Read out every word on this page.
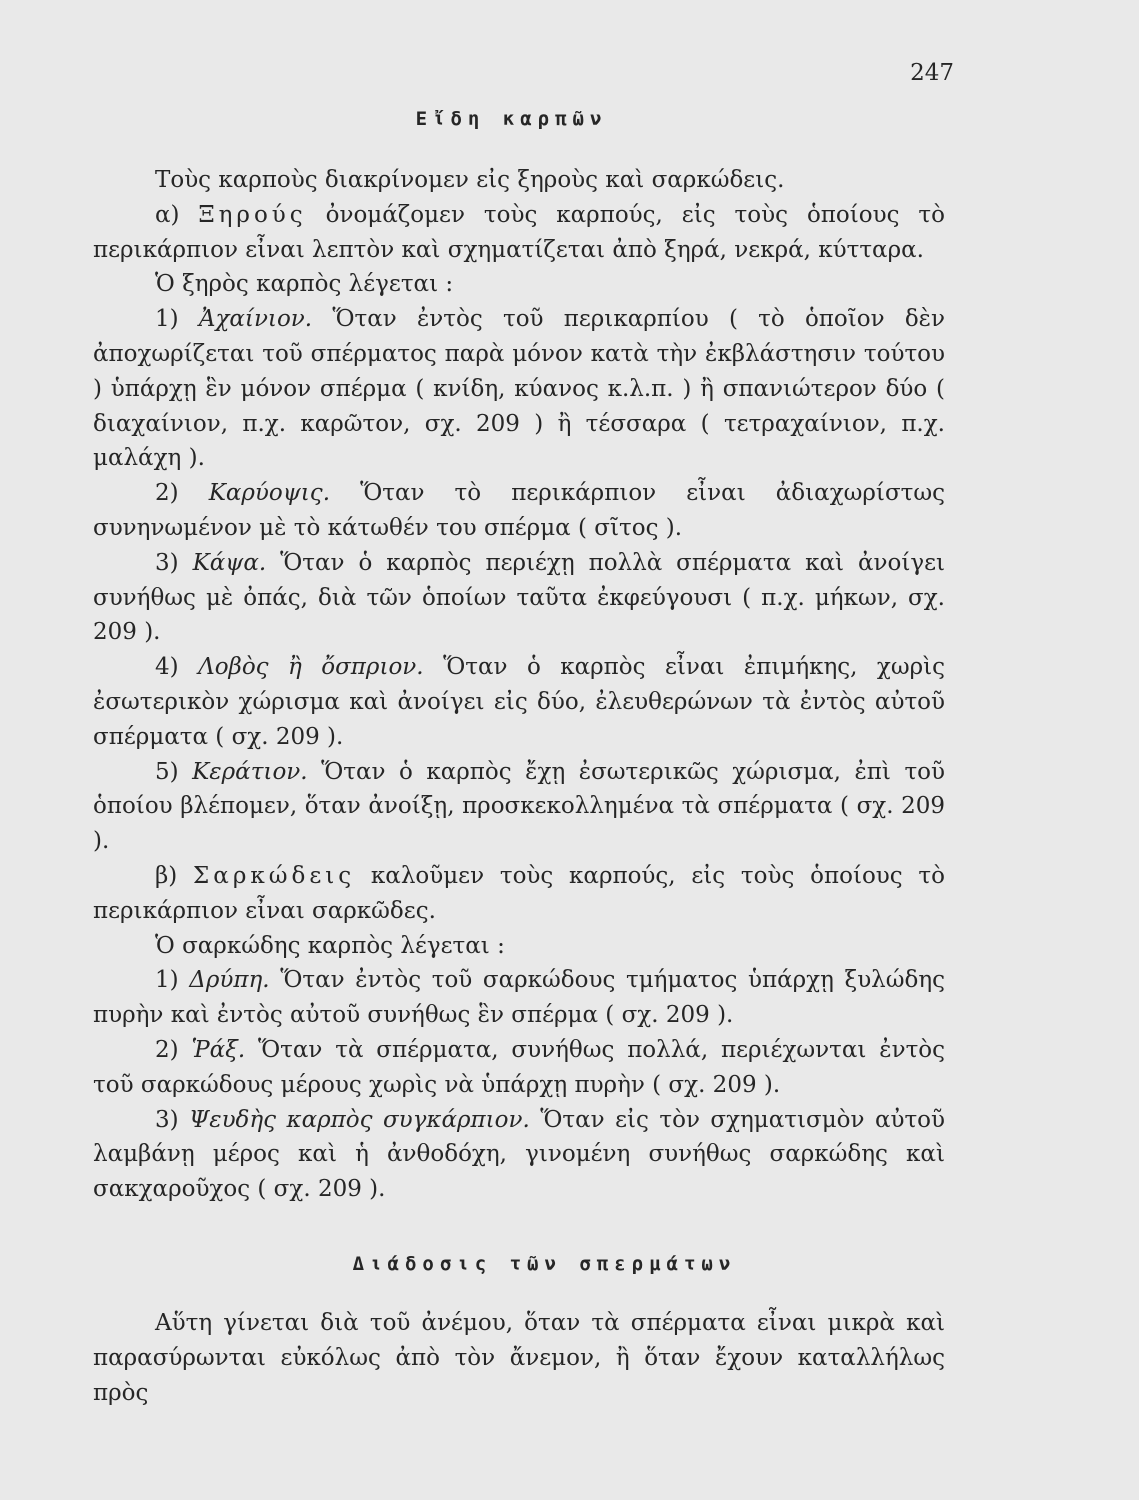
247
Εἴδη καρπῶν

Τοὺς καρποὺς διακρίνομεν εἰς ξηροὺς καὶ σαρκώδεις.

α) Ξηρούς ὀνομάζομεν τοὺς καρπούς, εἰς τοὺς ὁποίους τὸ περικάρπιον εἶναι λεπτὸν καὶ σχηματίζεται ἀπὸ ξηρά, νεκρά, κύτταρα.

Ὁ ξηρὸς καρπὸς λέγεται :

1) Ἀχαίνιον. Ὅταν ἐντὸς τοῦ περικαρπίου ( τὸ ὁποῖον δὲν ἀποχωρίζεται τοῦ σπέρματος παρὰ μόνον κατὰ τὴν ἐκβλάστησιν τούτου ) ὑπάρχῃ ἓν μόνον σπέρμα ( κνίδη, κύανος κ.λ.π. ) ἢ σπανιώτερον δύο ( διαχαίνιον, π.χ. καρῶτον, σχ. 209 ) ἢ τέσσαρα ( τετραχαίνιον, π.χ. μαλάχη ).

2) Καρύοψις. Ὅταν τὸ περικάρπιον εἶναι ἀδιαχωρίστως συνηνωμένον μὲ τὸ κάτωθέν του σπέρμα ( σῖτος ).

3) Κάψα. Ὅταν ὁ καρπὸς περιέχῃ πολλὰ σπέρματα καὶ ἀνοίγει συνήθως μὲ ὀπάς, διὰ τῶν ὁποίων ταῦτα ἐκφεύγουσι ( π.χ. μήκων, σχ. 209 ).

4) Λοβὸς ἢ ὄσπριον. Ὅταν ὁ καρπὸς εἶναι ἐπιμήκης, χωρὶς ἐσωτερικὸν χώρισμα καὶ ἀνοίγει εἰς δύο, ἐλευθερώνων τὰ ἐντὸς αὐτοῦ σπέρματα ( σχ. 209 ).

5) Κεράτιον. Ὅταν ὁ καρπὸς ἔχῃ ἐσωτερικῶς χώρισμα, ἐπὶ τοῦ ὁποίου βλέπομεν, ὅταν ἀνοίξῃ, προσκεκολλημένα τὰ σπέρματα ( σχ. 209 ).

β) Σαρκώδεις καλοῦμεν τοὺς καρπούς, εἰς τοὺς ὁποίους τὸ περικάρπιον εἶναι σαρκῶδες.

Ὁ σαρκώδης καρπὸς λέγεται :

1) Δρύπη. Ὅταν ἐντὸς τοῦ σαρκώδους τμήματος ὑπάρχῃ ξυλώδης πυρὴν καὶ ἐντὸς αὐτοῦ συνήθως ἓν σπέρμα ( σχ. 209 ).

2) Ῥάξ. Ὅταν τὰ σπέρματα, συνήθως πολλά, περιέχωνται ἐντὸς τοῦ σαρκώδους μέρους χωρὶς νὰ ὑπάρχῃ πυρὴν ( σχ. 209 ).

3) Ψευδὴς καρπὸς συγκάρπιον. Ὅταν εἰς τὸν σχηματισμὸν αὐτοῦ λαμβάνῃ μέρος καὶ ἡ ἀνθοδόχη, γινομένη συνήθως σαρκώδης καὶ σακχαροῦχος ( σχ. 209 ).

Διάδοσις τῶν σπερμάτων

Αὕτη γίνεται διὰ τοῦ ἀνέμου, ὅταν τὰ σπέρματα εἶναι μικρὰ καὶ παρασύρωνται εὐκόλως ἀπὸ τὸν ἄνεμον, ἢ ὅταν ἔχουν καταλλήλως πρὸς
